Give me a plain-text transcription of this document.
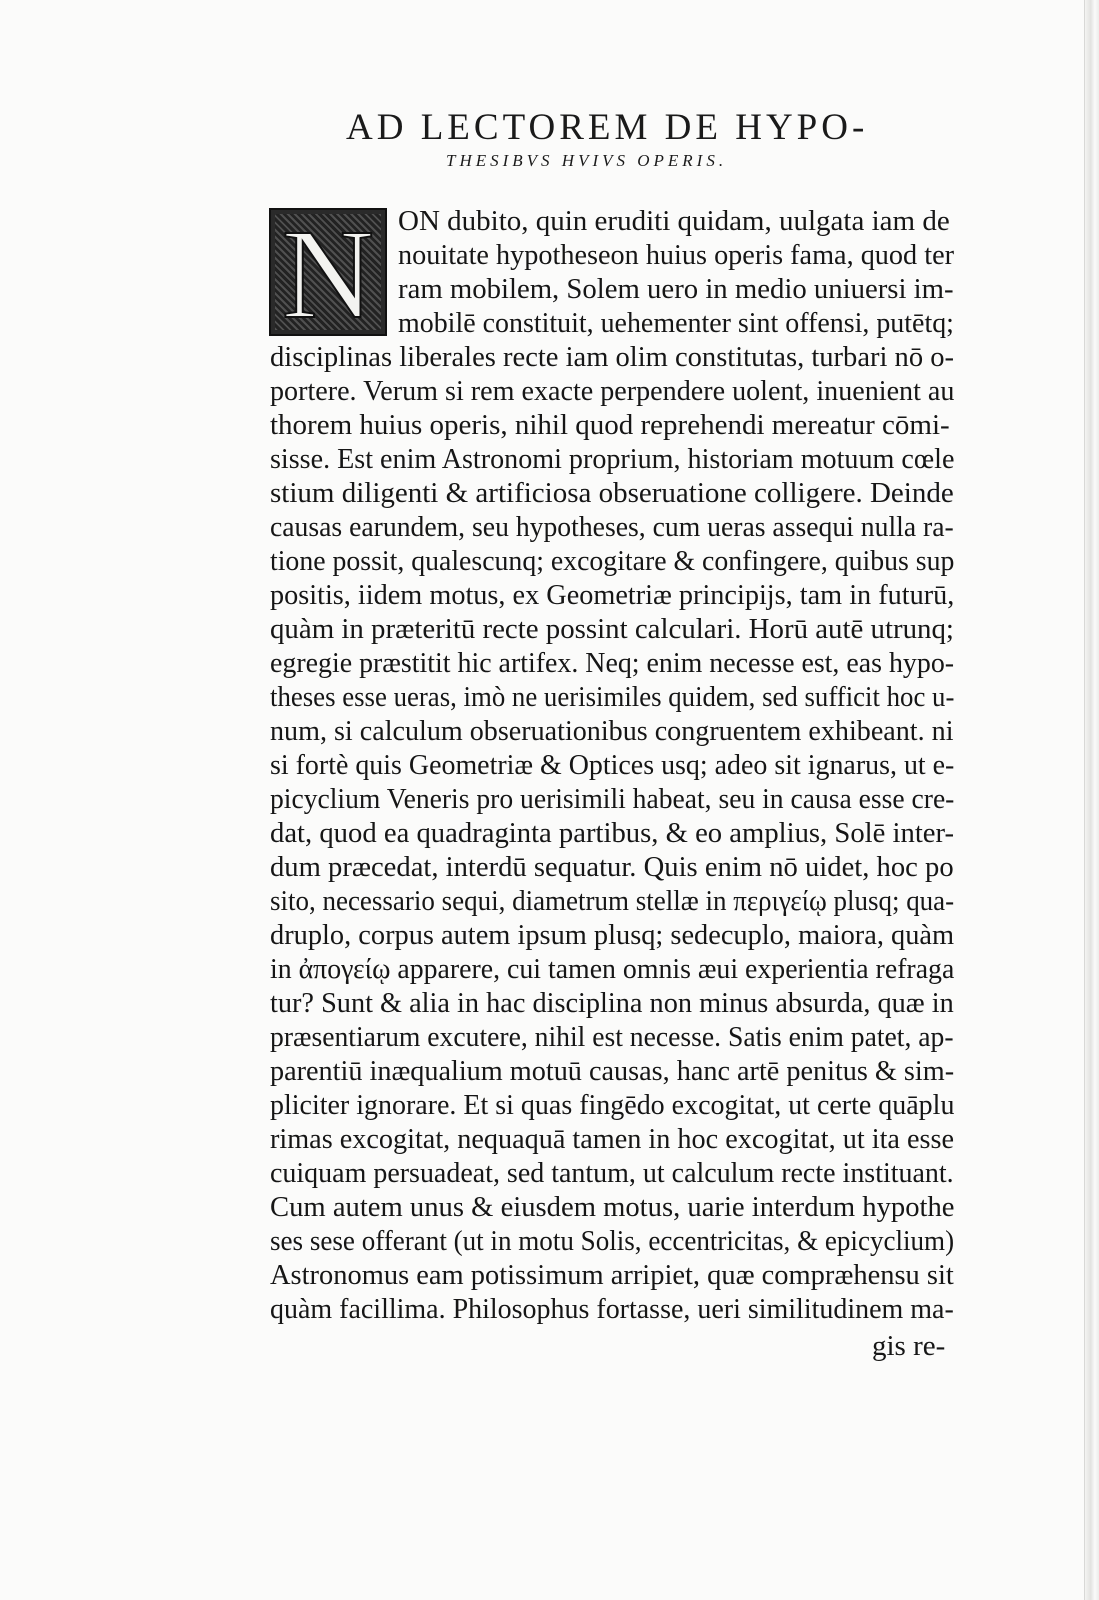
AD LECTOREM DE HYPO-
THESIBVS HVIVS OPERIS.
N ON dubito, quin eruditi quidam, uulgata iam de
nouitate hypotheseon huius operis fama, quod ter
ram mobilem, Solem uero in medio uniuersi im-
mobilē constituit, uehementer sint offensi, putētq;
disciplinas liberales recte iam olim constitutas, turbari nō o-
portere. Verum si rem exacte perpendere uolent, inuenient au
thorem huius operis, nihil quod reprehendi mereatur cōmi-
sisse. Est enim Astronomi proprium, historiam motuum cœle
stium diligenti & artificiosa obseruatione colligere. Deinde
causas earundem, seu hypotheses, cum ueras assequi nulla ra-
tione possit, qualescunq; excogitare & confingere, quibus sup
positis, iidem motus, ex Geometriæ principijs, tam in futurū,
quàm in præteritū recte possint calculari. Horū autē utrunq;
egregie præstitit hic artifex. Neq; enim necesse est, eas hypo-
theses esse ueras, imò ne uerisimiles quidem, sed sufficit hoc u-
num, si calculum obseruationibus congruentem exhibeant. ni
si fortè quis Geometriæ & Optices usq; adeo sit ignarus, ut e-
picyclium Veneris pro uerisimili habeat, seu in causa esse cre-
dat, quod ea quadraginta partibus, & eo amplius, Solē inter-
dum præcedat, interdū sequatur. Quis enim nō uidet, hoc po
sito, necessario sequi, diametrum stellæ in περιγείῳ plusq; qua-
druplo, corpus autem ipsum plusq; sedecuplo, maiora, quàm
in ἀπογείῳ apparere, cui tamen omnis æui experientia refraga
tur? Sunt & alia in hac disciplina non minus absurda, quæ in
præsentiarum excutere, nihil est necesse. Satis enim patet, ap-
parentiū inæqualium motuū causas, hanc artē penitus & sim-
pliciter ignorare. Et si quas fingēdo excogitat, ut certe quāplu
rimas excogitat, nequaquā tamen in hoc excogitat, ut ita esse
cuiquam persuadeat, sed tantum, ut calculum recte instituant.
Cum autem unus & eiusdem motus, uarie interdum hypothe
ses sese offerant (ut in motu Solis, eccentricitas, & epicyclium)
Astronomus eam potissimum arripiet, quæ compræhensu sit
quàm facillima. Philosophus fortasse, ueri similitudinem ma-
gis re-
